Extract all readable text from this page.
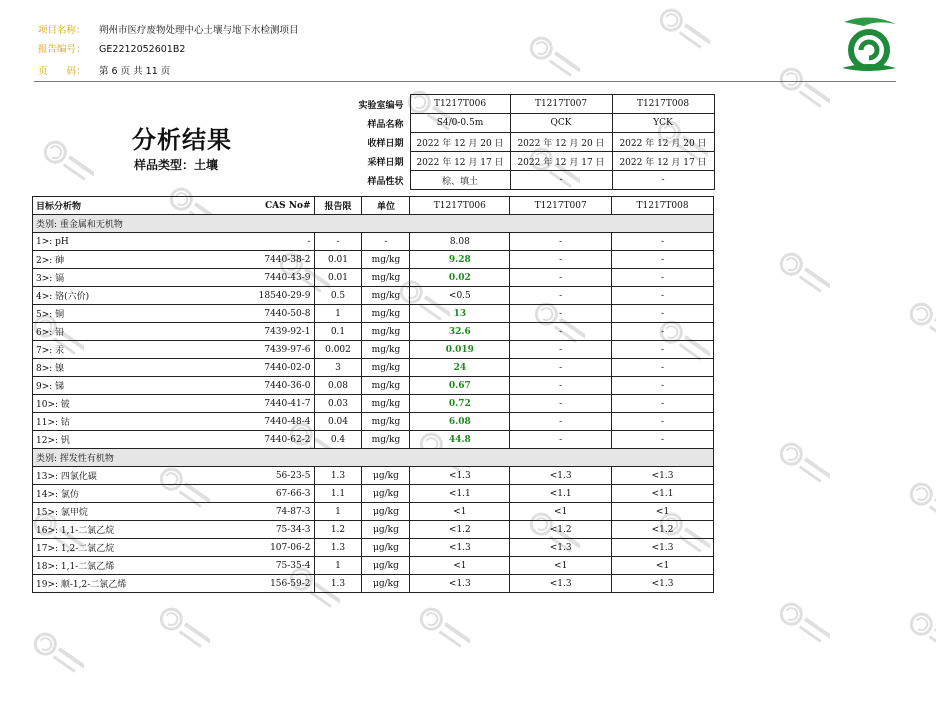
项目名称： 朔州市医疗废物处理中心土壤与地下水检测项目
报告编号： GE2212052601B2
页　　码： 第 6 页 共 11 页
分析结果
样品类型：土壤
实验室编号	T1217T006	T1217T007	T1217T008
样品名称	S4/0-0.5m	QCK	YCK
收样日期	2022 年 12 月 20 日	2022 年 12 月 20 日	2022 年 12 月 20 日
采样日期	2022 年 12 月 17 日	2022 年 12 月 17 日	2022 年 12 月 17 日
样品性状	棕、填土	-	-
目标分析物	CAS No#	报告限	单位	T1217T006	T1217T007	T1217T008
类别: 重金属和无机物						
1>: pH	-	-	-	8.08	-	-
2>: 砷	7440-38-2	0.01	mg/kg	9.28	-	-
3>: 镉	7440-43-9	0.01	mg/kg	0.02	-	-
4>: 铬(六价)	18540-29-9	0.5	mg/kg	<0.5	-	-
5>: 铜	7440-50-8	1	mg/kg	13	-	-
6>: 铅	7439-92-1	0.1	mg/kg	32.6	-	-
7>: 汞	7439-97-6	0.002	mg/kg	0.019	-	-
8>: 镍	7440-02-0	3	mg/kg	24	-	-
9>: 锑	7440-36-0	0.08	mg/kg	0.67	-	-
10>: 铍	7440-41-7	0.03	mg/kg	0.72	-	-
11>: 钴	7440-48-4	0.04	mg/kg	6.08	-	-
12>: 钒	7440-62-2	0.4	mg/kg	44.8	-	-
类别: 挥发性有机物						
13>: 四氯化碳	56-23-5	1.3	μg/kg	<1.3	<1.3	<1.3
14>: 氯仿	67-66-3	1.1	μg/kg	<1.1	<1.1	<1.1
15>: 氯甲烷	74-87-3	1	μg/kg	<1	<1	<1
16>: 1,1-二氯乙烷	75-34-3	1.2	μg/kg	<1.2	<1.2	<1.2
17>: 1,2-二氯乙烷	107-06-2	1.3	μg/kg	<1.3	<1.3	<1.3
18>: 1,1-二氯乙烯	75-35-4	1	μg/kg	<1	<1	<1
19>: 顺-1,2-二氯乙烯	156-59-2	1.3	μg/kg	<1.3	<1.3	<1.3
